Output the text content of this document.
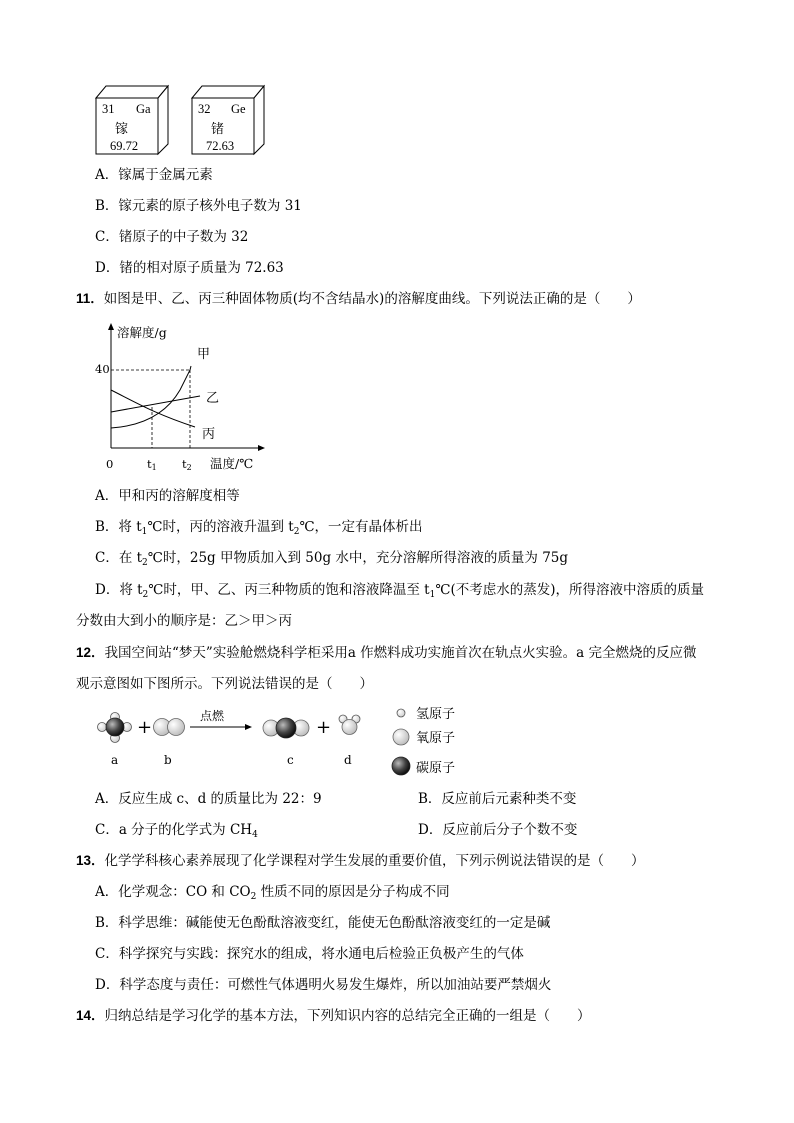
31 Ga
镓
69.72
32 Ge
锗
72.63
A．镓属于金属元素
B．镓元素的原子核外电子数为 31
C．锗原子的中子数为 32
D．锗的相对原子质量为 72.63
11．如图是甲、乙、丙三种固体物质(均不含结晶水)的溶解度曲线。下列说法正确的是（　　）
溶解度/g
温度/℃
0
40
t1 t2
甲
乙
丙
A．甲和丙的溶解度相等
B．将 $t_1℃$时，丙的溶液升温到 $t_2℃$，一定有晶体析出
C．在 $t_2℃$时，25g 甲物质加入到 50g 水中，充分溶解所得溶液的质量为 75g
D．将 $t_2℃$时，甲、乙、丙三种物质的饱和溶液降温至 $t_1℃$(不考虑水的蒸发)，所得溶液中溶质的质量
分数由大到小的顺序是：乙＞甲＞丙
12．我国空间站“梦天”实验舱燃烧科学柜采用a 作燃料成功实施首次在轨点火实验。a 完全燃烧的反应微
观示意图如下图所示。下列说法错误的是（　　）
+
点燃
+
a	b	c	d
氢原子
氧原子
碳原子
A．反应生成 c、d 的质量比为 22：9	B．反应前后元素种类不变
C．a 分子的化学式为 $CH_4$	D．反应前后分子个数不变
13．化学学科核心素养展现了化学课程对学生发展的重要价值，下列示例说法错误的是（　　）
A．化学观念：CO 和 $CO_2$ 性质不同的原因是分子构成不同
B．科学思维：碱能使无色酚酞溶液变红，能使无色酚酞溶液变红的一定是碱
C．科学探究与实践：探究水的组成，将水通电后检验正负极产生的气体
D．科学态度与责任：可燃性气体遇明火易发生爆炸，所以加油站要严禁烟火
14．归纳总结是学习化学的基本方法，下列知识内容的总结完全正确的一组是（　　）
